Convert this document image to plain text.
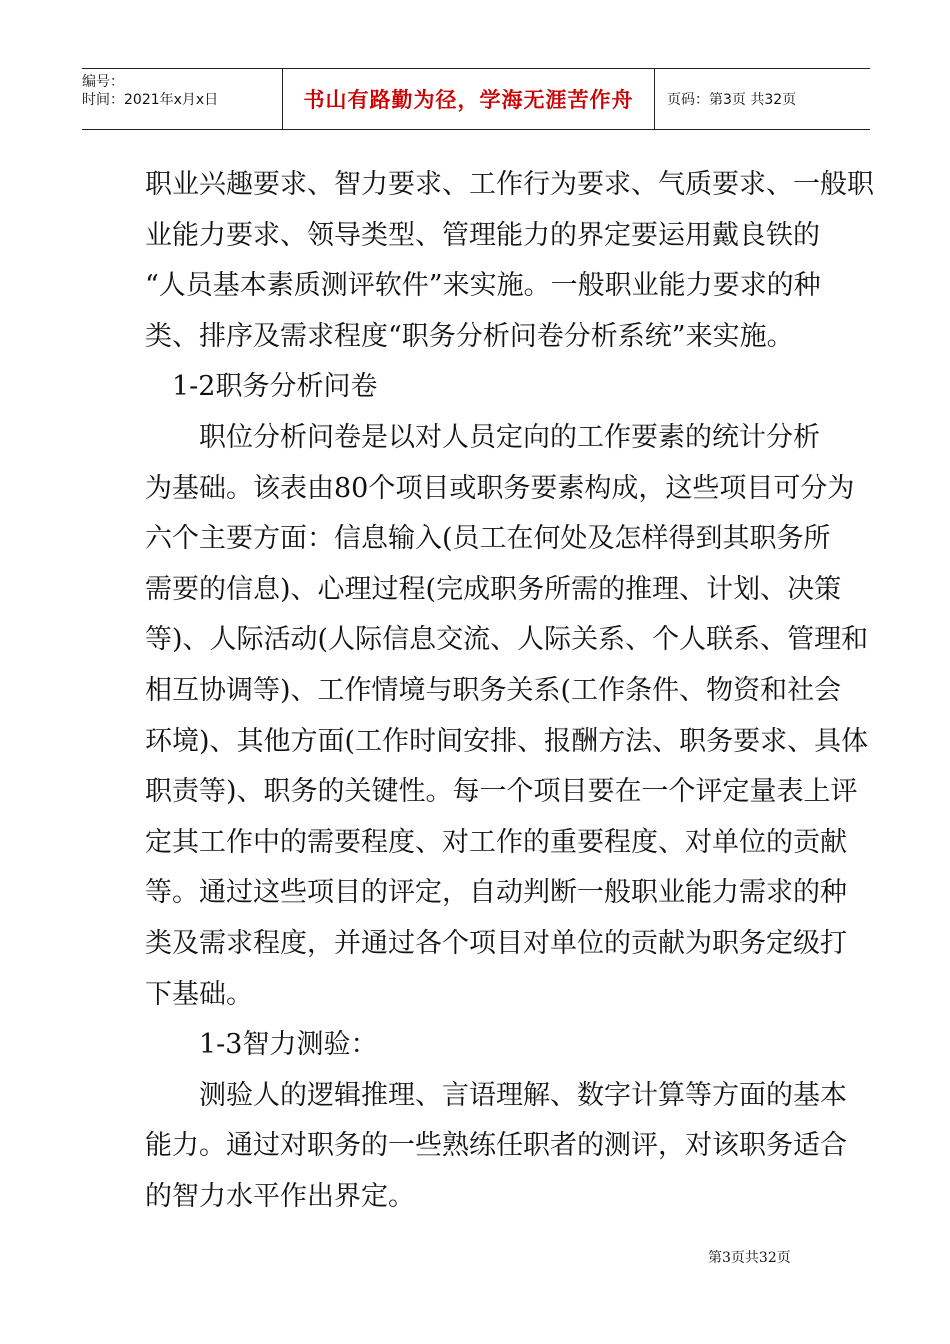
编号：
时间：2021年x月x日	书山有路勤为径，学海无涯苦作舟	页码：第3页 共32页
职业兴趣要求、智力要求、工作行为要求、气质要求、一般职
业能力要求、领导类型、管理能力的界定要运用戴良铁的
“人员基本素质测评软件”来实施。一般职业能力要求的种
类、排序及需求程度“职务分析问卷分析系统”来实施。
　1-2职务分析问卷
　　职位分析问卷是以对人员定向的工作要素的统计分析
为基础。该表由80个项目或职务要素构成，这些项目可分为
六个主要方面：信息输入(员工在何处及怎样得到其职务所
需要的信息)、心理过程(完成职务所需的推理、计划、决策
等)、人际活动(人际信息交流、人际关系、个人联系、管理和
相互协调等)、工作情境与职务关系(工作条件、物资和社会
环境)、其他方面(工作时间安排、报酬方法、职务要求、具体
职责等)、职务的关键性。每一个项目要在一个评定量表上评
定其工作中的需要程度、对工作的重要程度、对单位的贡献
等。通过这些项目的评定，自动判断一般职业能力需求的种
类及需求程度，并通过各个项目对单位的贡献为职务定级打
下基础。
　　1-3智力测验：
　　测验人的逻辑推理、言语理解、数字计算等方面的基本
能力。通过对职务的一些熟练任职者的测评，对该职务适合
的智力水平作出界定。
第3页共32页
